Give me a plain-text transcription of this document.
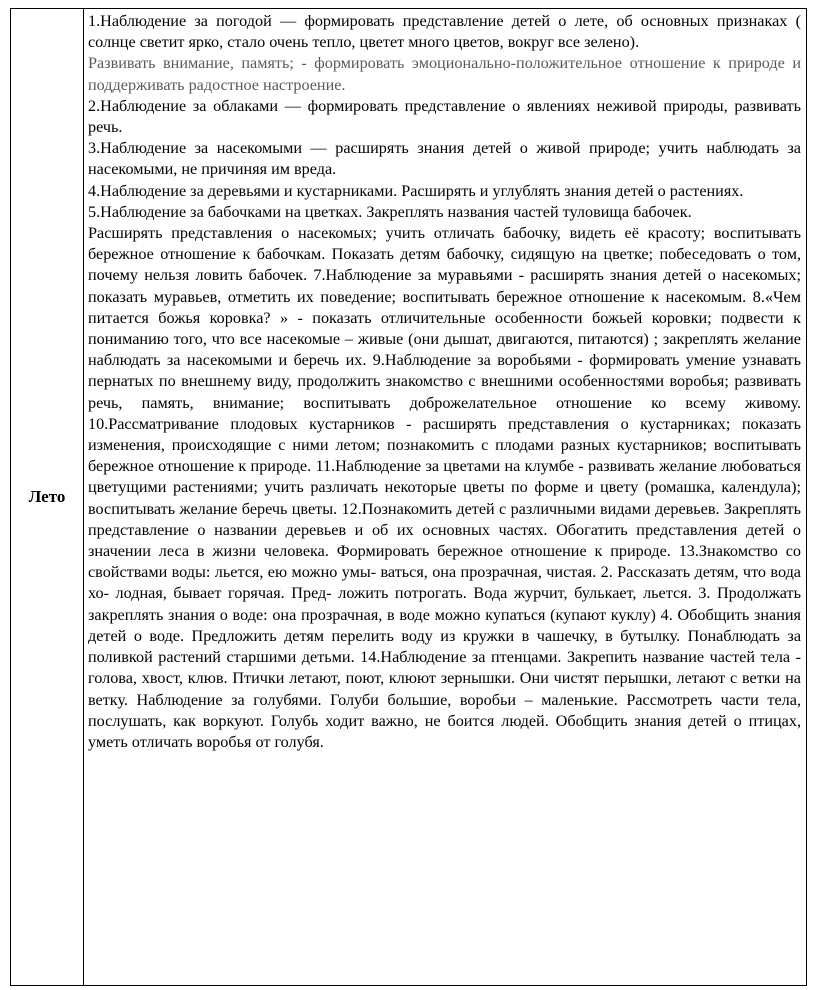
Лето	

1.Наблюдение за погодой — формировать представление детей о лете, об основных признаках ( солнце светит ярко, стало очень тепло, цветет много цветов, вокруг все зелено).

Развивать внимание, память; - формировать эмоционально-положительное отношение к природе и поддерживать радостное настроение.

2.Наблюдение за облаками — формировать представление о явлениях неживой природы, развивать речь.

3.Наблюдение за насекомыми — расширять знания детей о живой природе; учить наблюдать за насекомыми, не причиняя им вреда.

4.Наблюдение за деревьями и кустарниками. Расширять и углублять знания детей о растениях.

5.Наблюдение за бабочками на цветках. Закреплять названия частей туловища бабочек.

Расширять представления о насекомых; учить отличать бабочку, видеть её красоту; воспитывать бережное отношение к бабочкам. Показать детям бабочку, сидящую на цветке; побеседовать о том, почему нельзя ловить бабочек. 7.Наблюдение за муравьями - расширять знания детей о насекомых; показать муравьев, отметить их поведение; воспитывать бережное отношение к насекомым. 8.«Чем питается божья коровка? » - показать отличительные особенности божьей коровки; подвести к пониманию того, что все насекомые – живые (они дышат, двигаются, питаются) ; закреплять желание наблюдать за насекомыми и беречь их. 9.Наблюдение за воробьями - формировать умение узнавать пернатых по внешнему виду, продолжить знакомство с внешними особенностями воробья; развивать речь, память, внимание; воспитывать доброжелательное отношение ко всему живому. 10.Рассматривание плодовых кустарников - расширять представления о кустарниках; показать изменения, происходящие с ними летом; познакомить с плодами разных кустарников; воспитывать бережное отношение к природе. 11.Наблюдение за цветами на клумбе - развивать желание любоваться цветущими растениями; учить различать некоторые цветы по форме и цвету (ромашка, календула); воспитывать желание беречь цветы. 12.Познакомить детей с различными видами деревьев. Закреплять представление о названии деревьев и об их основных частях. Обогатить представления детей о значении леса в жизни человека. Формировать бережное отношение к природе. 13.Знакомство со свойствами воды: льется, ею можно умы- ваться, она прозрачная, чистая. 2. Рассказать детям, что вода хо- лодная, бывает горячая. Пред- ложить потрогать. Вода журчит, булькает, льется. 3. Продолжать закреплять знания о воде: она прозрачная, в воде можно купаться (купают куклу) 4. Обобщить знания детей о воде. Предложить детям перелить воду из кружки в чашечку, в бутылку. Понаблюдать за поливкой растений старшими детьми. 14.Наблюдение за птенцами. Закрепить название частей тела - голова, хвост, клюв. Птички летают, поют, клюют зернышки. Они чистят перышки, летают с ветки на ветку. Наблюдение за голубями. Голуби большие, воробьи – маленькие. Рассмотреть части тела, послушать, как воркуют. Голубь ходит важно, не боится людей. Обобщить знания детей о птицах, уметь отличать воробья от голубя.
